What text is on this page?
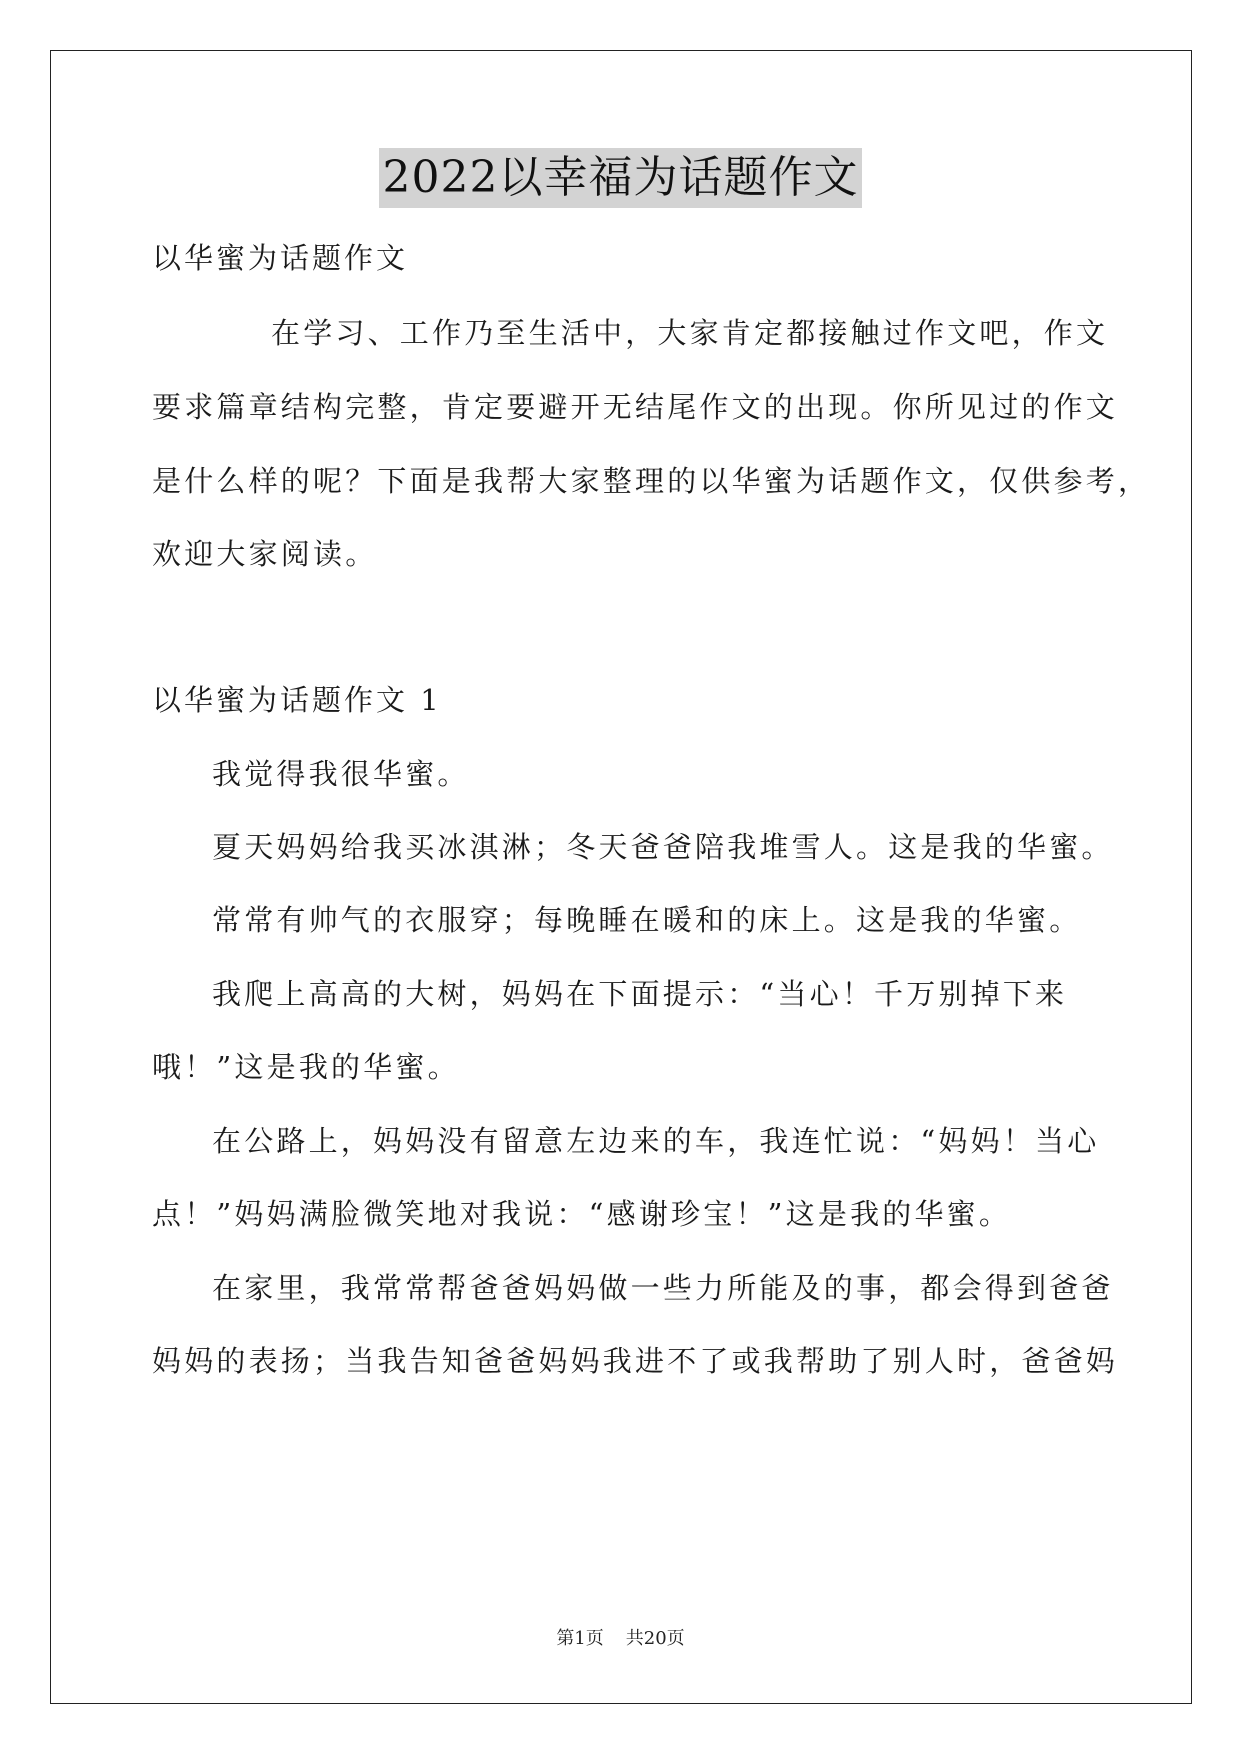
2022以幸福为话题作文
以华蜜为话题作文
在学习、工作乃至生活中，大家肯定都接触过作文吧，作文
要求篇章结构完整，肯定要避开无结尾作文的出现。你所见过的作文
是什么样的呢？下面是我帮大家整理的以华蜜为话题作文，仅供参考，
欢迎大家阅读。
以华蜜为话题作文 1
我觉得我很华蜜。
夏天妈妈给我买冰淇淋；冬天爸爸陪我堆雪人。这是我的华蜜。
常常有帅气的衣服穿；每晚睡在暖和的床上。这是我的华蜜。
我爬上高高的大树，妈妈在下面提示：“当心！千万别掉下来
哦！”这是我的华蜜。
在公路上，妈妈没有留意左边来的车，我连忙说：“妈妈！当心
点！”妈妈满脸微笑地对我说：“感谢珍宝！”这是我的华蜜。
在家里，我常常帮爸爸妈妈做一些力所能及的事，都会得到爸爸
妈妈的表扬；当我告知爸爸妈妈我进不了或我帮助了别人时，爸爸妈
第1页 共20页
